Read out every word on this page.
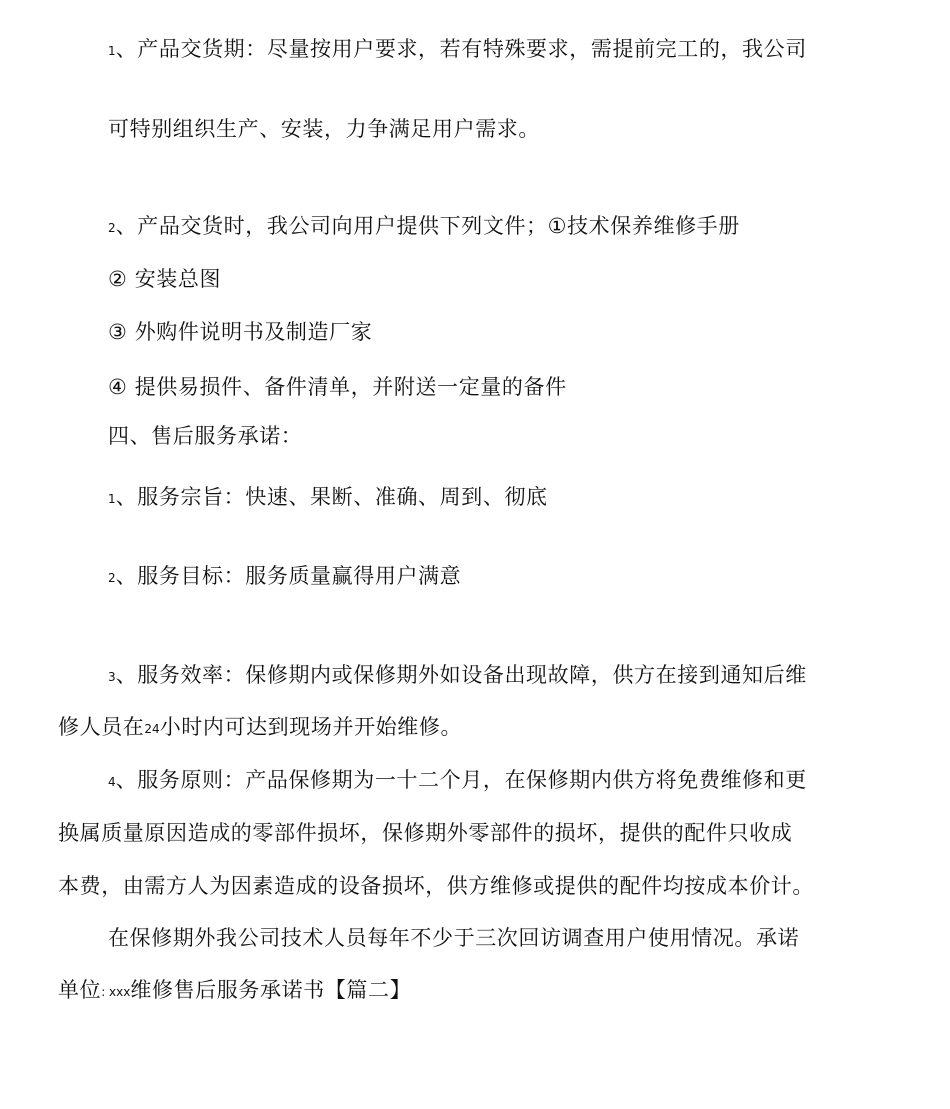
1、产品交货期：尽量按用户要求，若有特殊要求，需提前完工的，我公司
可特别组织生产、安装，力争满足用户需求。
2、产品交货时，我公司向用户提供下列文件；①技术保养维修手册
② 安装总图
③ 外购件说明书及制造厂家
④ 提供易损件、备件清单，并附送一定量的备件
四、售后服务承诺：
1、服务宗旨：快速、果断、准确、周到、彻底
2、服务目标：服务质量赢得用户满意
3、服务效率：保修期内或保修期外如设备出现故障，供方在接到通知后维
修人员在24小时内可达到现场并开始维修。
4、服务原则：产品保修期为一十二个月，在保修期内供方将免费维修和更
换属质量原因造成的零部件损坏，保修期外零部件的损坏，提供的配件只收成
本费，由需方人为因素造成的设备损坏，供方维修或提供的配件均按成本价计。
在保修期外我公司技术人员每年不少于三次回访调查用户使用情况。承诺
单位: xxx维修售后服务承诺书【篇二】
